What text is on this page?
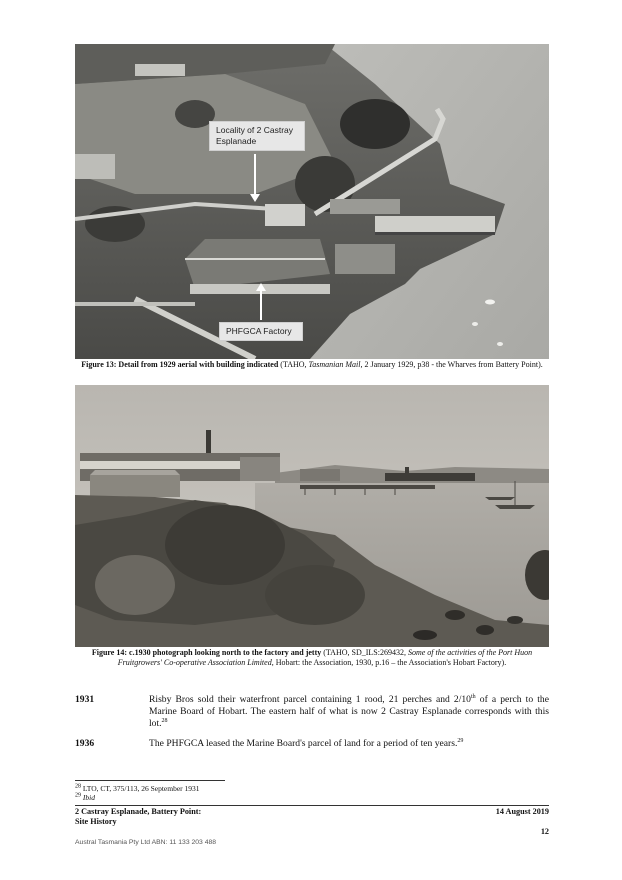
Locality of 2 Castray Esplanade
PHFGCA Factory
Figure 13: Detail from 1929 aerial with building indicated (TAHO, Tasmanian Mail, 2 January 1929, p38 - the Wharves from Battery Point).
Figure 14: c.1930 photograph looking north to the factory and jetty (TAHO, SD_ILS:269432, Some of the activities of the Port Huon Fruitgrowers' Co-operative Association Limited, Hobart: the Association, 1930, p.16 – the Association's Hobart Factory).
1931	Risby Bros sold their waterfront parcel containing 1 rood, 21 perches and 2/10th of a perch to the Marine Board of Hobart. The eastern half of what is now 2 Castray Esplanade corresponds with this lot.$^{28}$
1936	The PHFGCA leased the Marine Board's parcel of land for a period of ten years.$^{29}$
$^{28}$ LTO, CT, 375/113, 26 September 1931
$^{29}$ Ibid
2 Castray Esplanade, Battery Point:
Site History
14 August 2019
12
Austral Tasmania Pty Ltd ABN: 11 133 203 488
